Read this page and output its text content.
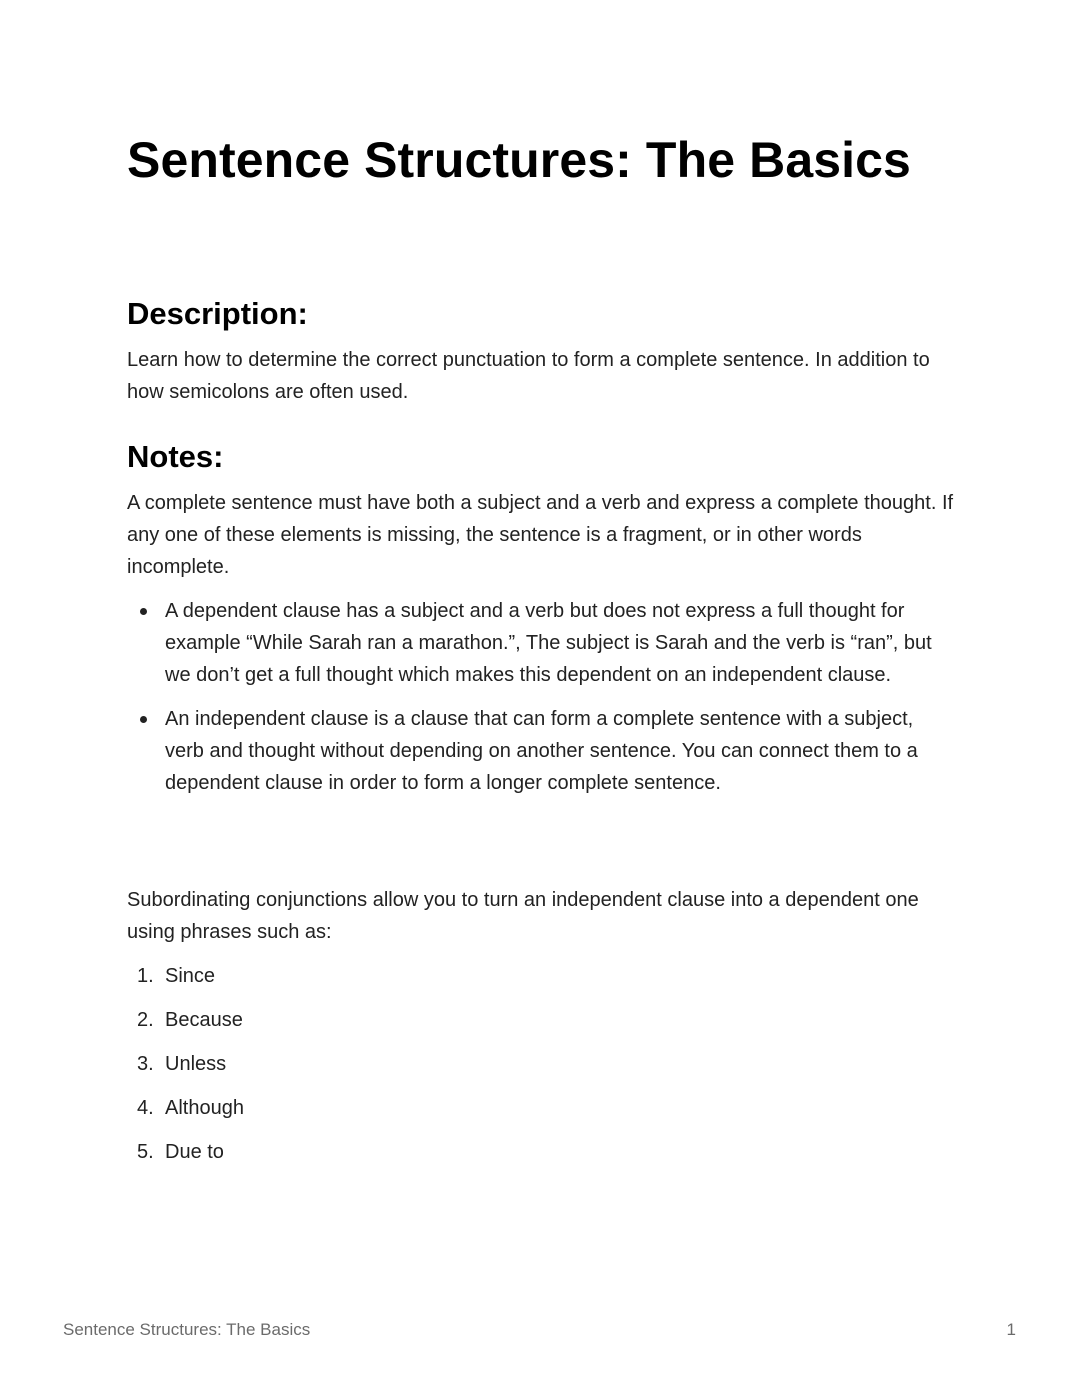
Sentence Structures: The Basics
Description:

Learn how to determine the correct punctuation to form a complete sentence. In addition to how semicolons are often used.

Notes:

A complete sentence must have both a subject and a verb and express a complete thought. If any one of these elements is missing, the sentence is a fragment, or in other words incomplete.

A dependent clause has a subject and a verb but does not express a full thought for example “While Sarah ran a marathon.”, The subject is Sarah and the verb is “ran”, but we don’t get a full thought which makes this dependent on an independent clause.
An independent clause is a clause that can form a complete sentence with a subject, verb and thought without depending on another sentence. You can connect them to a dependent clause in order to form a longer complete sentence.

Subordinating conjunctions allow you to turn an independent clause into a dependent one using phrases such as:

1. Since
2. Because
3. Unless
4. Although
5. Due to
Sentence Structures: The Basics	1
